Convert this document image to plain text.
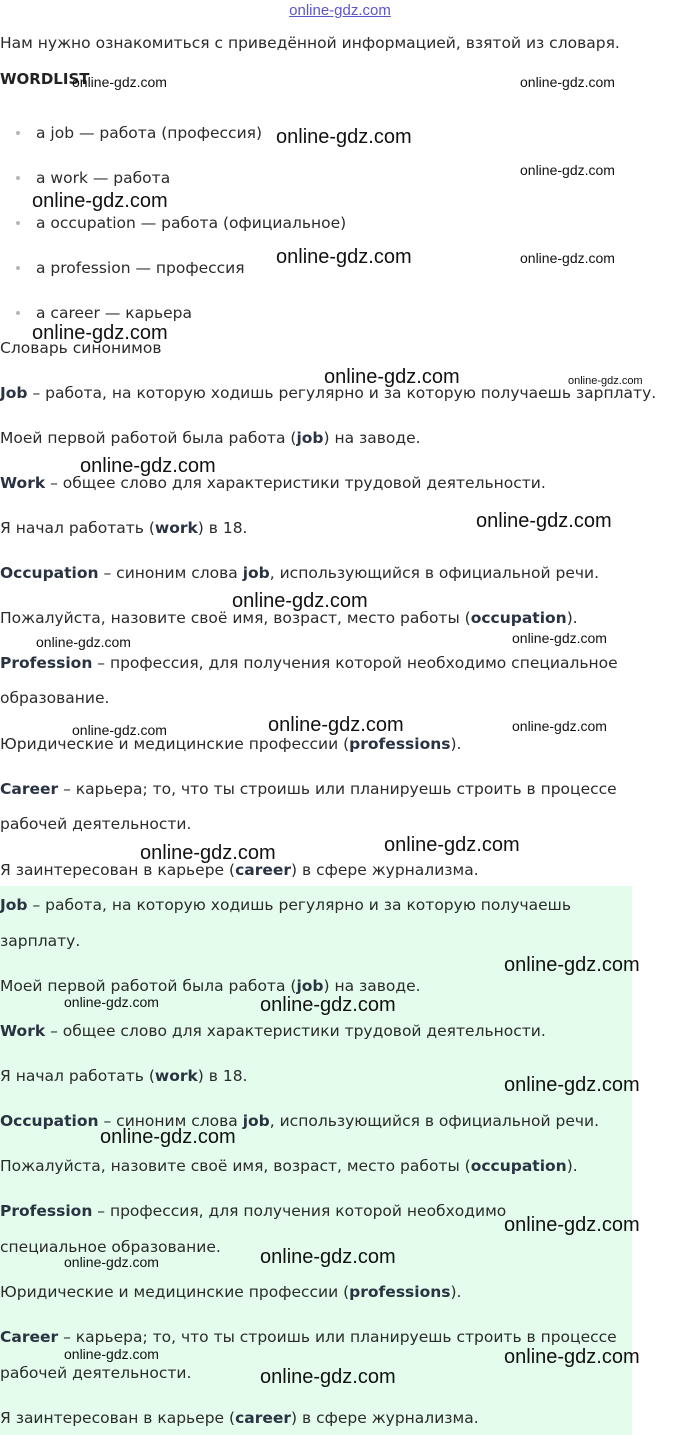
online-gdz.com
Нам нужно ознакомиться с приведённой информацией, взятой из словаря.
WORDLIST
a job — работа (профессия)
a work — работа
a occupation — работа (официальное)
a profession — профессия
a career — карьера
Словарь синонимов
Job – работа, на которую ходишь регулярно и за которую получаешь зарплату.
Моей первой работой была работа (job) на заводе.
Work – общее слово для характеристики трудовой деятельности.
Я начал работать (work) в 18.
Occupation – синоним слова job, использующийся в официальной речи.
Пожалуйста, назовите своё имя, возраст, место работы (occupation).
Profession – профессия, для получения которой необходимо специальное
образование.
Юридические и медицинские профессии (professions).
Career – карьера; то, что ты строишь или планируешь строить в процессе
рабочей деятельности.
Я заинтересован в карьере (career) в сфере журнализма.
Job – работа, на которую ходишь регулярно и за которую получаешь
зарплату.
Моей первой работой была работа (job) на заводе.
Work – общее слово для характеристики трудовой деятельности.
Я начал работать (work) в 18.
Occupation – синоним слова job, использующийся в официальной речи.
Пожалуйста, назовите своё имя, возраст, место работы (occupation).
Profession – профессия, для получения которой необходимо
специальное образование.
Юридические и медицинские профессии (professions).
Career – карьера; то, что ты строишь или планируешь строить в процессе
рабочей деятельности.
Я заинтересован в карьере (career) в сфере журнализма.
online-gdz.com	online-gdz.com
online-gdz.com
online-gdz.com
online-gdz.com
online-gdz.com	online-gdz.com
online-gdz.com
online-gdz.com	online-gdz.com
online-gdz.com
online-gdz.com
online-gdz.com
online-gdz.com	online-gdz.com
online-gdz.com	online-gdz.com	online-gdz.com
online-gdz.com
online-gdz.com
online-gdz.com
online-gdz.com	online-gdz.com
online-gdz.com
online-gdz.com
online-gdz.com
online-gdz.com
online-gdz.com
online-gdz.com	online-gdz.com
online-gdz.com
